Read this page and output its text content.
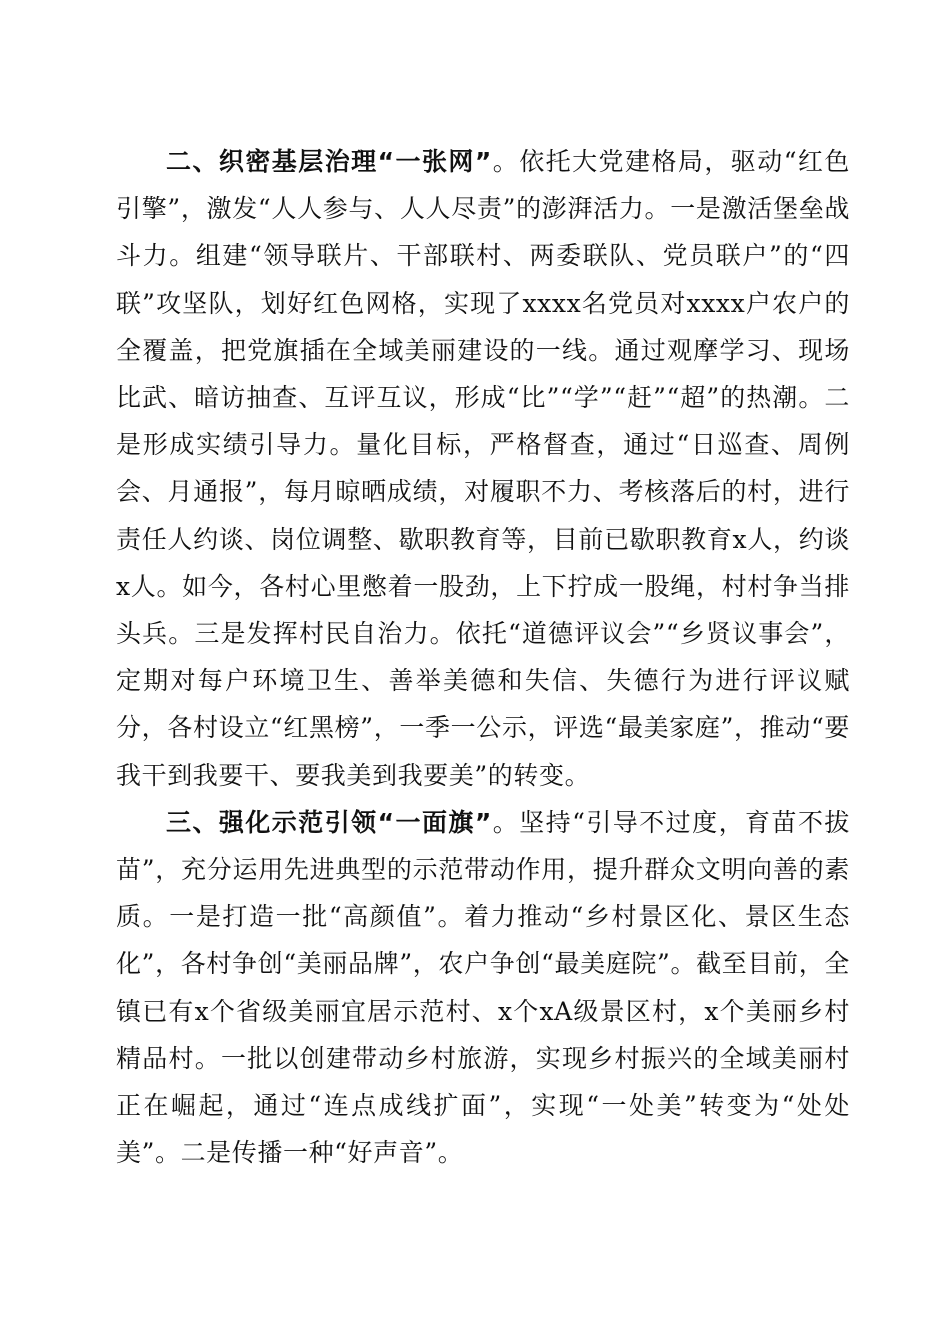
二、织密基层治理“一张网”。依托大党建格局，驱动“红色引擎”，激发“人人参与、人人尽责”的澎湃活力。一是激活堡垒战斗力。组建“领导联片、干部联村、两委联队、党员联户”的“四联”攻坚队，划好红色网格，实现了xxxx名党员对xxxx户农户的全覆盖，把党旗插在全域美丽建设的一线。通过观摩学习、现场比武、暗访抽查、互评互议，形成“比”“学”“赶”“超”的热潮。二是形成实绩引导力。量化目标，严格督查，通过“日巡查、周例会、月通报”，每月晾晒成绩，对履职不力、考核落后的村，进行责任人约谈、岗位调整、歇职教育等，目前已歇职教育x人，约谈x人。如今，各村心里憋着一股劲，上下拧成一股绳，村村争当排头兵。三是发挥村民自治力。依托“道德评议会”“乡贤议事会”，定期对每户环境卫生、善举美德和失信、失德行为进行评议赋分，各村设立“红黑榜”，一季一公示，评选“最美家庭”，推动“要我干到我要干、要我美到我要美”的转变。

三、强化示范引领“一面旗”。坚持“引导不过度，育苗不拔苗”，充分运用先进典型的示范带动作用，提升群众文明向善的素质。一是打造一批“高颜值”。着力推动“乡村景区化、景区生态化”，各村争创“美丽品牌”，农户争创“最美庭院”。截至目前，全镇已有x个省级美丽宜居示范村、x个xA级景区村，x个美丽乡村精品村。一批以创建带动乡村旅游，实现乡村振兴的全域美丽村正在崛起，通过“连点成线扩面”，实现“一处美”转变为“处处美”。二是传播一种“好声音”。
